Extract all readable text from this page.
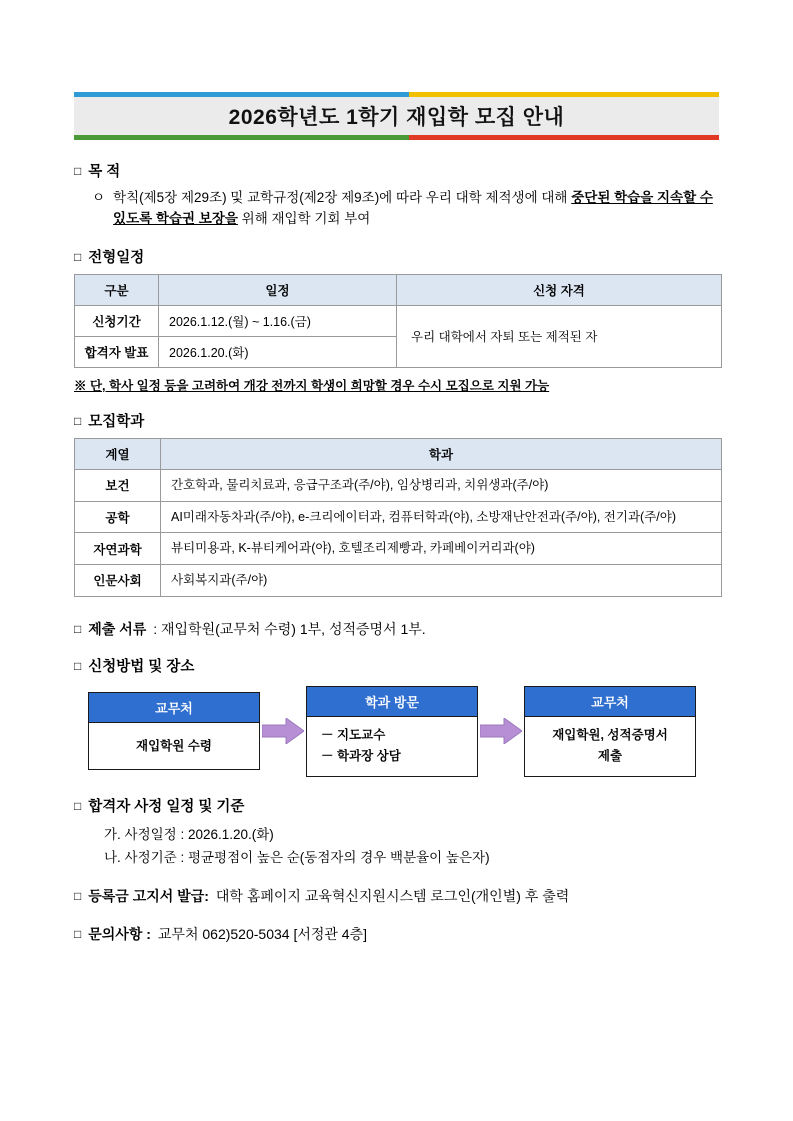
2026학년도 1학기 재입학 모집 안내
□ 목 적
ㅇ 학칙(제5장 제29조) 및 교학규정(제2장 제9조)에 따라 우리 대학 제적생에 대해 중단된 학습을 지속할 수 있도록 학습권 보장을 위해 재입학 기회 부여
□ 전형일정
구분	일정	신청 자격
신청기간	2026.1.12.(월) ~ 1.16.(금)	우리 대학에서 자퇴 또는 제적된 자
합격자 발표	2026.1.20.(화)	
※ 단, 학사 일정 등을 고려하여 개강 전까지 학생이 희망할 경우 수시 모집으로 지원 가능
□ 모집학과
계열	학과
보건	간호학과, 물리치료과, 응급구조과(주/야), 임상병리과, 치위생과(주/야)
공학	AI미래자동차과(주/야), e-크리에이터과, 컴퓨터학과(야), 소방재난안전과(주/야), 전기과(주/야)
자연과학	뷰티미용과, K-뷰티케어과(야), 호텔조리제빵과, 카페베이커리과(야)
인문사회	사회복지과(주/야)
□ 제출 서류 : 재입학원(교무처 수령) 1부, 성적증명서 1부.
□ 신청방법 및 장소
교무처
재입학원 수령
학과 방문
－ 지도교수
－ 학과장 상담
교무처
재입학원, 성적증명서
제출
□ 합격자 사정 일정 및 기준
가. 사정일정 : 2026.1.20.(화)
나. 사정기준 : 평균평점이 높은 순(동점자의 경우 백분율이 높은자)
□ 등록금 고지서 발급: 대학 홈페이지 교육혁신지원시스템 로그인(개인별) 후 출력
□ 문의사항 : 교무처 062)520-5034 [서정관 4층]
